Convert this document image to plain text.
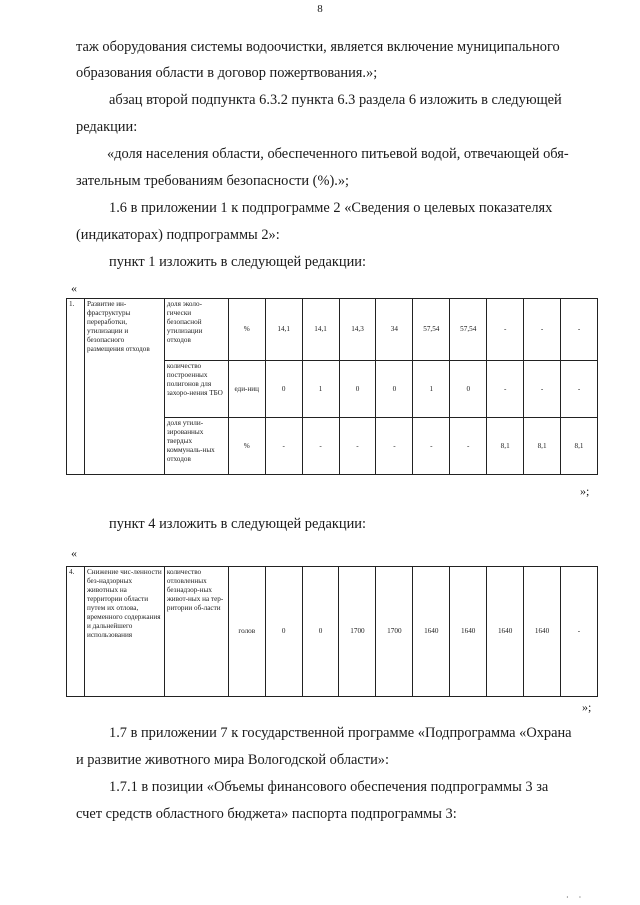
8
таж оборудования системы водоочистки, является включение муниципального
образования области в договор пожертвования.»;
абзац второй подпункта 6.3.2 пункта 6.3 раздела 6 изложить в следующей
редакции:
«доля населения области, обеспеченного питьевой водой, отвечающей обя-
зательным требованиям безопасности (%).»;
1.6 в приложении 1 к подпрограмме 2 «Сведения о целевых показателях
(индикаторах) подпрограммы 2»:
пункт 1 изложить в следующей редакции:
«
1.	Развитие ин-фраструктуры переработки, утилизации и безопасного размещения отходов	доля эколо-гически безопасной утилизации отходов	%	14,1	14,1	14,3	34	57,54	57,54	-	-	-
		количество построенных полигонов для захоро-нения ТБО	еди-ниц	0	1	0	0	1	0	-	-	-
		доля утили-зированных твердых коммуналь-ных отходов	%	-	-	-	-	-	-	8,1	8,1	8,1
»;
пункт 4 изложить в следующей редакции:
«
4.	Снижение чис-ленности без-надзорных животных на территории области путем их отлова, временного содержания и дальнейшего использования	количество отловленных безнадзор-ных живот-ных на тер-ритории об-ласти	голов	0	0	1700	1700	1640	1640	1640	1640	-
»;
1.7 в приложении 7 к государственной программе «Подпрограмма «Охрана
и развитие животного мира Вологодской области»:
1.7.1 в позиции «Объемы финансового обеспечения подпрограммы 3 за
счет средств областного бюджета» паспорта подпрограммы 3:
· ·
